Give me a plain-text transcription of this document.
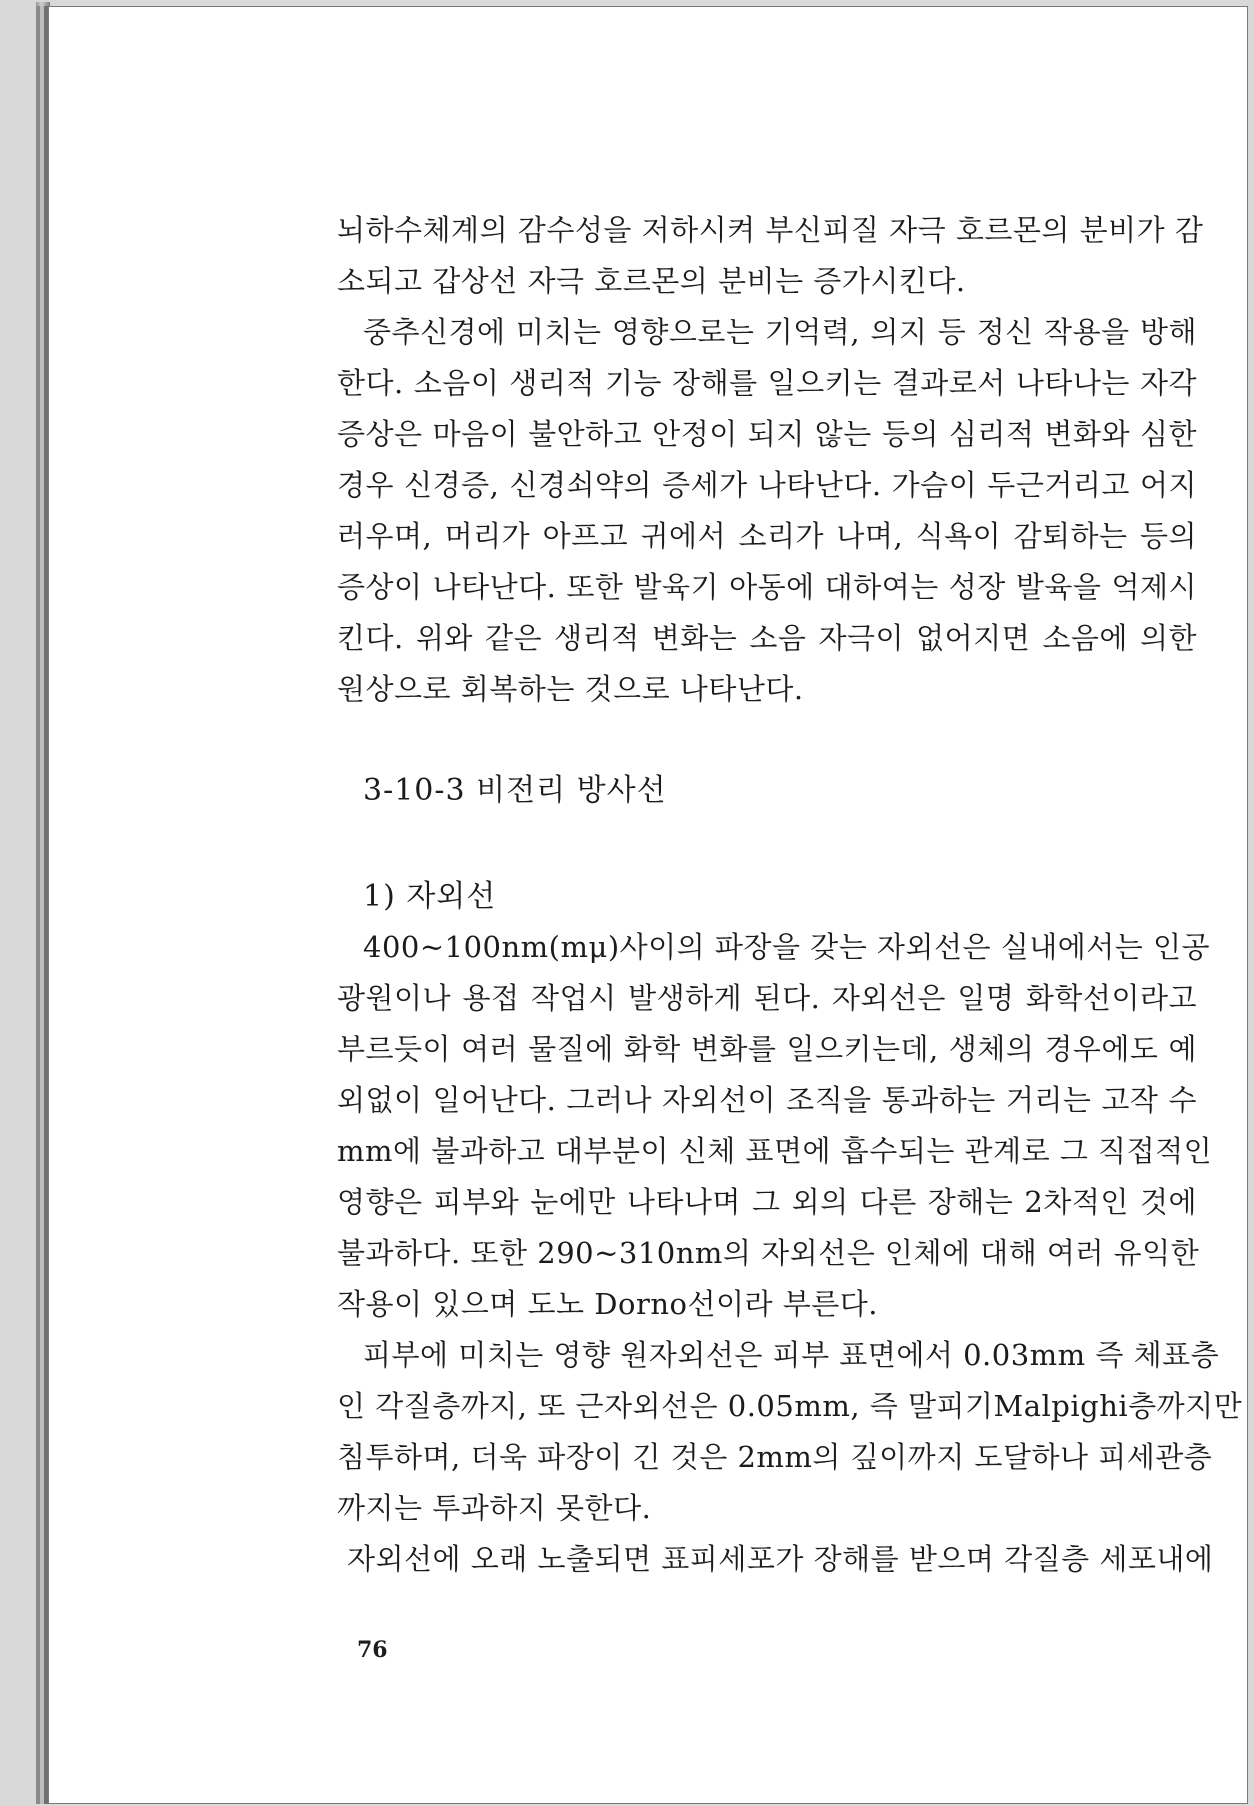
뇌하수체계의 감수성을 저하시켜 부신피질 자극 호르몬의 분비가 감
소되고 갑상선 자극 호르몬의 분비는 증가시킨다.
중추신경에 미치는 영향으로는 기억력, 의지 등 정신 작용을 방해
한다. 소음이 생리적 기능 장해를 일으키는 결과로서 나타나는 자각
증상은 마음이 불안하고 안정이 되지 않는 등의 심리적 변화와 심한
경우 신경증, 신경쇠약의 증세가 나타난다. 가슴이 두근거리고 어지
러우며, 머리가 아프고 귀에서 소리가 나며, 식욕이 감퇴하는 등의
증상이 나타난다. 또한 발육기 아동에 대하여는 성장 발육을 억제시
킨다. 위와 같은 생리적 변화는 소음 자극이 없어지면 소음에 의한
원상으로 회복하는 것으로 나타난다.
3-10-3 비전리 방사선
1) 자외선
400~100nm(mμ)사이의 파장을 갖는 자외선은 실내에서는 인공
광원이나 용접 작업시 발생하게 된다. 자외선은 일명 화학선이라고
부르듯이 여러 물질에 화학 변화를 일으키는데, 생체의 경우에도 예
외없이 일어난다. 그러나 자외선이 조직을 통과하는 거리는 고작 수
mm에 불과하고 대부분이 신체 표면에 흡수되는 관계로 그 직접적인
영향은 피부와 눈에만 나타나며 그 외의 다른 장해는 2차적인 것에
불과하다. 또한 290~310nm의 자외선은 인체에 대해 여러 유익한
작용이 있으며 도노 Dorno선이라 부른다.
피부에 미치는 영향 원자외선은 피부 표면에서 0.03mm 즉 체표층
인 각질층까지, 또 근자외선은 0.05mm, 즉 말피기Malpighi층까지만
침투하며, 더욱 파장이 긴 것은 2mm의 깊이까지 도달하나 피세관층
까지는 투과하지 못한다.
자외선에 오래 노출되면 표피세포가 장해를 받으며 각질층 세포내에
76
